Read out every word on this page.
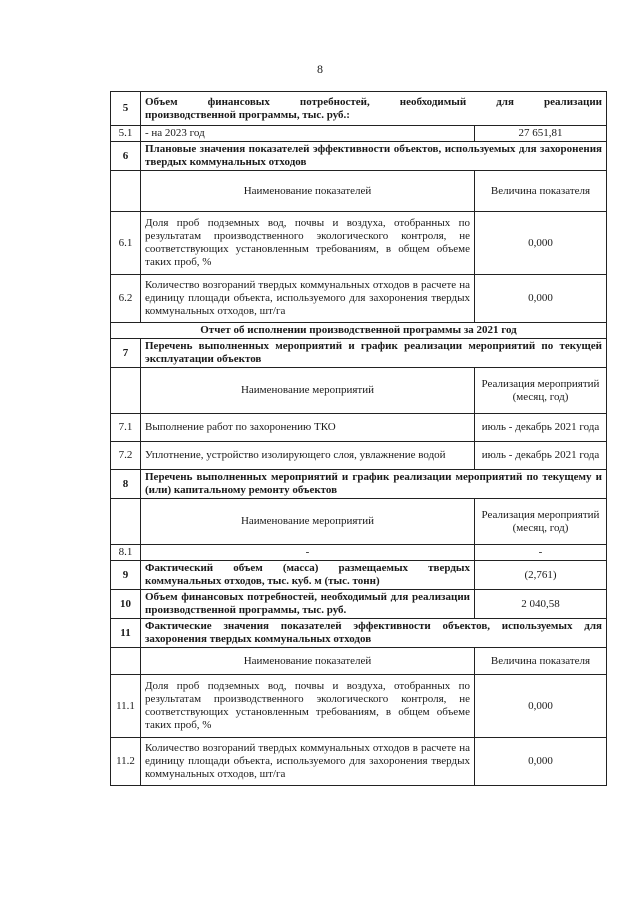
8
5	Объем финансовых потребностей, необходимый для реализации
производственной программы, тыс. руб.:	

5.1	- на 2023 год	27 651,81
6	Плановые значения показателей эффективности объектов, используемых для захоронения твердых коммунальных отходов	
	Наименование показателей	Величина показателя
6.1	Доля проб подземных вод, почвы и воздуха, отобранных по результатам производственного экологического контроля, не соответствующих установленным требованиям, в общем объеме таких проб, %	0,000
6.2	Количество возгораний твердых коммунальных отходов в расчете на единицу площади объекта, используемого для захоронения твердых коммунальных отходов, шт/га	0,000
Отчет об исполнении производственной программы за 2021 год		
7	Перечень выполненных мероприятий и график реализации мероприятий по текущей эксплуатации объектов	
	Наименование мероприятий	Реализация мероприятий (месяц, год)
7.1	Выполнение работ по захоронению ТКО	июль - декабрь 2021 года
7.2	Уплотнение, устройство изолирующего слоя, увлажнение водой	июль - декабрь 2021 года
8	Перечень выполненных мероприятий и график реализации мероприятий по текущему и (или) капитальному ремонту объектов	
	Наименование мероприятий	Реализация мероприятий (месяц, год)
8.1	-	-
9	Фактический объем (масса) размещаемых твердых коммунальных отходов, тыс. куб. м (тыс. тонн)	(2,761)
10	Объем финансовых потребностей, необходимый для реализации производственной программы, тыс. руб.	2 040,58
11	Фактические значения показателей эффективности объектов, используемых для захоронения твердых коммунальных отходов	
	Наименование показателей	Величина показателя
11.1	Доля проб подземных вод, почвы и воздуха, отобранных по результатам производственного экологического контроля, не соответствующих установленным требованиям, в общем объеме таких проб, %	0,000
11.2	Количество возгораний твердых коммунальных отходов в расчете на единицу площади объекта, используемого для захоронения твердых коммунальных отходов, шт/га	0,000
